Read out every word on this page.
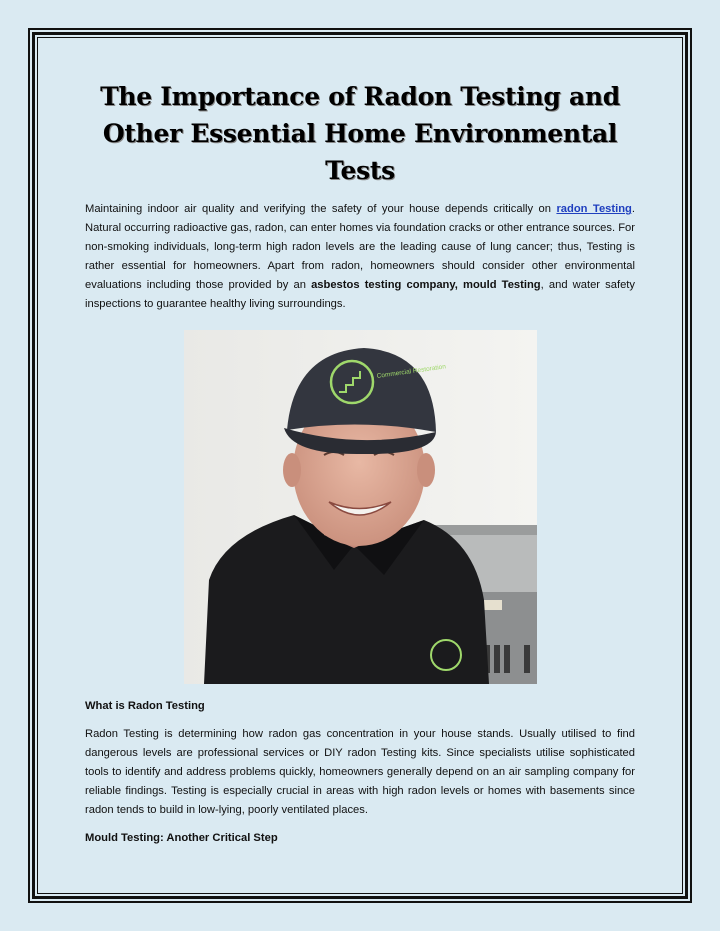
The Importance of Radon Testing and Other Essential Home Environmental Tests

Maintaining indoor air quality and verifying the safety of your house depends critically on radon Testing. Natural occurring radioactive gas, radon, can enter homes via foundation cracks or other entrance sources. For non-smoking individuals, long-term high radon levels are the leading cause of lung cancer; thus, Testing is rather essential for homeowners. Apart from radon, homeowners should consider other environmental evaluations including those provided by an asbestos testing company, mould Testing, and water safety inspections to guarantee healthy living surroundings.

Commercial Restoration

What is Radon Testing

Radon Testing is determining how radon gas concentration in your house stands. Usually utilised to find dangerous levels are professional services or DIY radon Testing kits. Since specialists utilise sophisticated tools to identify and address problems quickly, homeowners generally depend on an air sampling company for reliable findings. Testing is especially crucial in areas with high radon levels or homes with basements since radon tends to build in low-lying, poorly ventilated places.

Mould Testing: Another Critical Step
